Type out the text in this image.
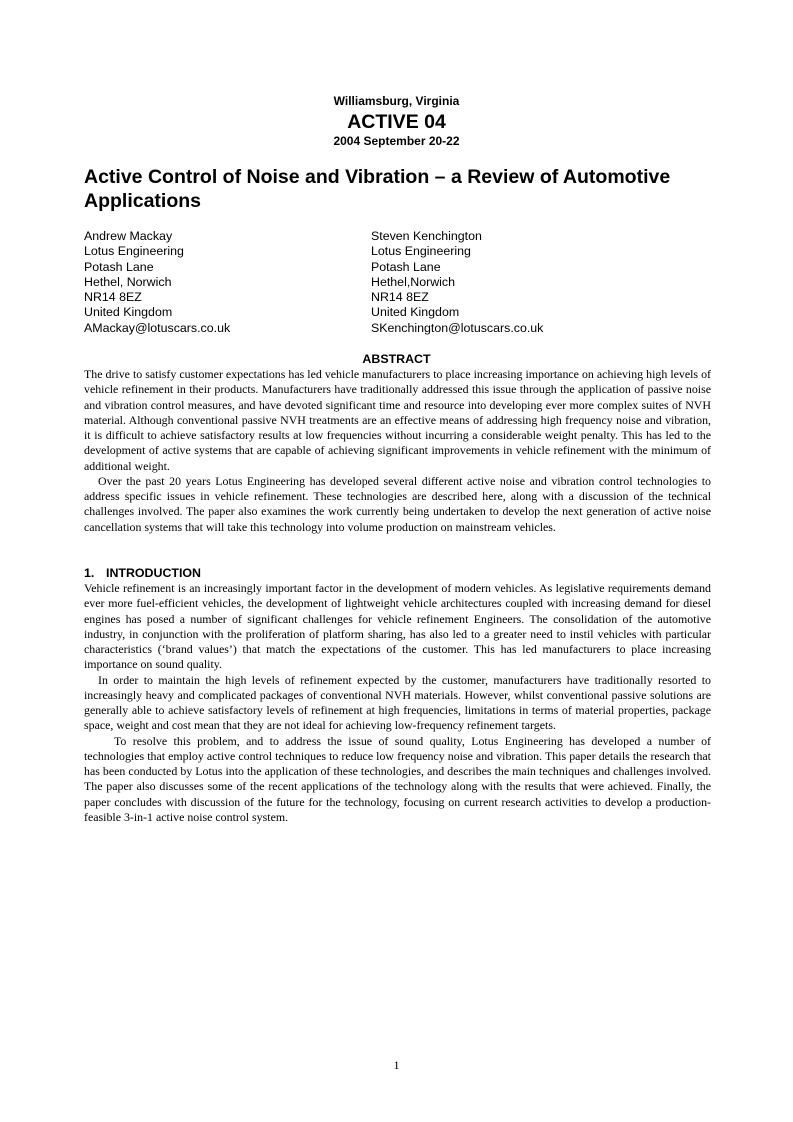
Williamsburg, Virginia
ACTIVE 04
2004 September 20-22
Active Control of Noise and Vibration – a Review of Automotive Applications
Andrew Mackay
Lotus Engineering
Potash Lane
Hethel, Norwich
NR14 8EZ
United Kingdom
AMackay@lotuscars.co.uk
Steven Kenchington
Lotus Engineering
Potash Lane
Hethel,Norwich
NR14 8EZ
United Kingdom
SKenchington@lotuscars.co.uk
ABSTRACT

The drive to satisfy customer expectations has led vehicle manufacturers to place increasing importance on achieving high levels of vehicle refinement in their products. Manufacturers have traditionally addressed this issue through the application of passive noise and vibration control measures, and have devoted significant time and resource into developing ever more complex suites of NVH material. Although conventional passive NVH treatments are an effective means of addressing high frequency noise and vibration, it is difficult to achieve satisfactory results at low frequencies without incurring a considerable weight penalty. This has led to the development of active systems that are capable of achieving significant improvements in vehicle refinement with the minimum of additional weight.

Over the past 20 years Lotus Engineering has developed several different active noise and vibration control technologies to address specific issues in vehicle refinement. These technologies are described here, along with a discussion of the technical challenges involved. The paper also examines the work currently being undertaken to develop the next generation of active noise cancellation systems that will take this technology into volume production on mainstream vehicles.

1. INTRODUCTION

Vehicle refinement is an increasingly important factor in the development of modern vehicles. As legislative requirements demand ever more fuel-efficient vehicles, the development of lightweight vehicle architectures coupled with increasing demand for diesel engines has posed a number of significant challenges for vehicle refinement Engineers. The consolidation of the automotive industry, in conjunction with the proliferation of platform sharing, has also led to a greater need to instil vehicles with particular characteristics (‘brand values’) that match the expectations of the customer. This has led manufacturers to place increasing importance on sound quality.

In order to maintain the high levels of refinement expected by the customer, manufacturers have traditionally resorted to increasingly heavy and complicated packages of conventional NVH materials. However, whilst conventional passive solutions are generally able to achieve satisfactory levels of refinement at high frequencies, limitations in terms of material properties, package space, weight and cost mean that they are not ideal for achieving low-frequency refinement targets.

To resolve this problem, and to address the issue of sound quality, Lotus Engineering has developed a number of technologies that employ active control techniques to reduce low frequency noise and vibration. This paper details the research that has been conducted by Lotus into the application of these technologies, and describes the main techniques and challenges involved. The paper also discusses some of the recent applications of the technology along with the results that were achieved. Finally, the paper concludes with discussion of the future for the technology, focusing on current research activities to develop a production-feasible 3-in-1 active noise control system.

1
